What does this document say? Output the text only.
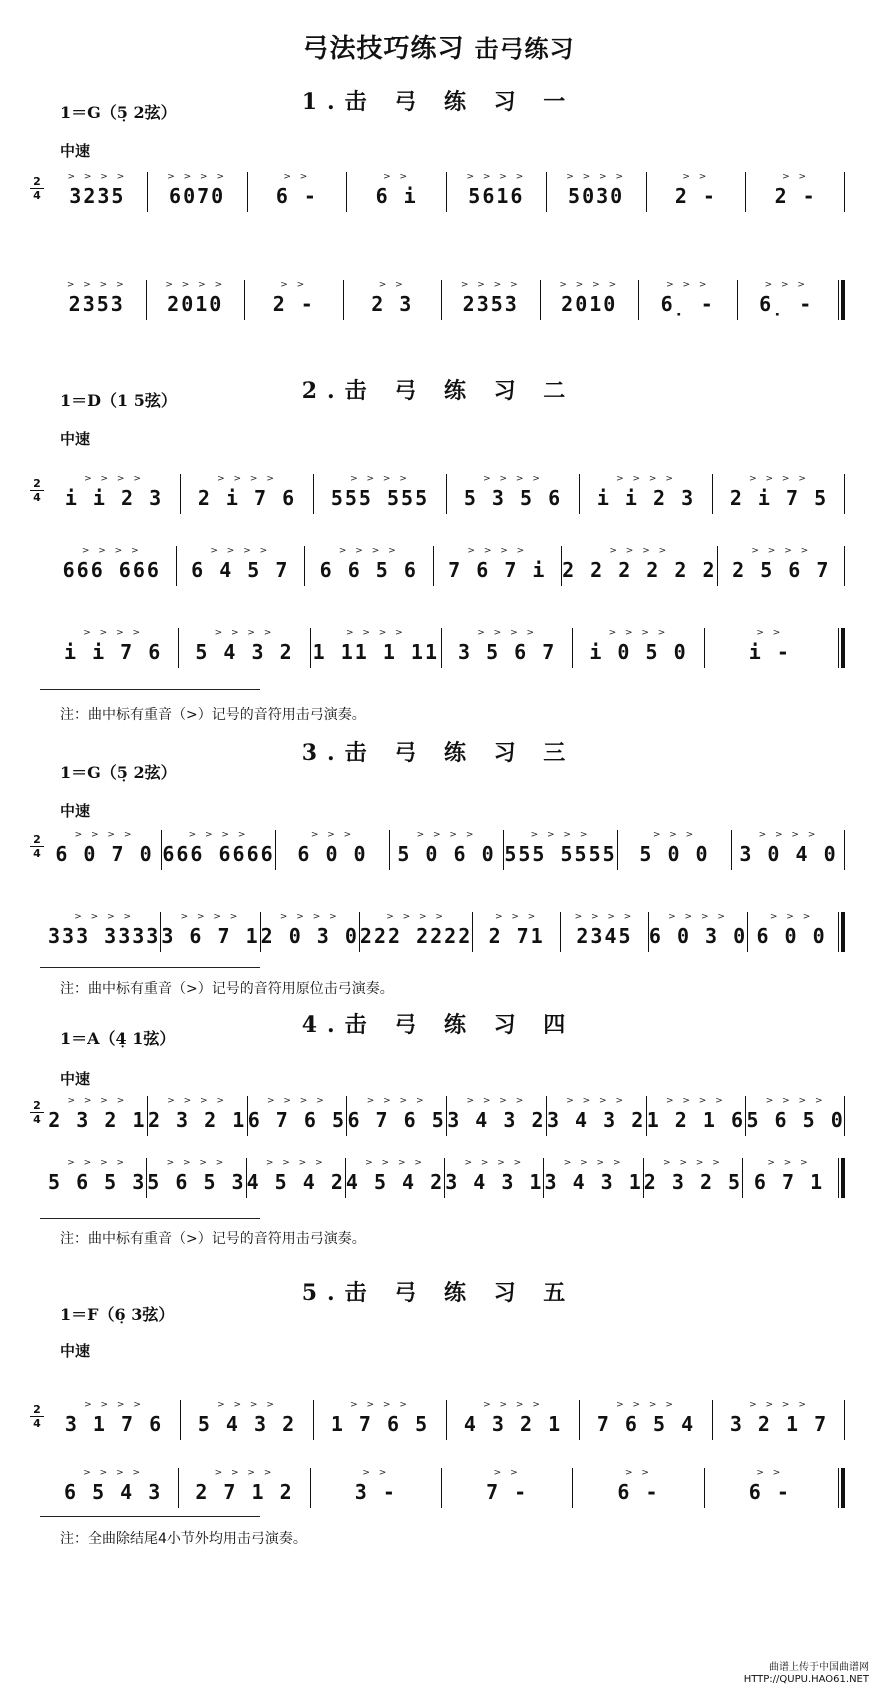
弓法技巧练习 击弓练习
1.击 弓 练 习 一
1＝G（5̣ 2弦）
中速
2
4
> > > >
3235
> > > >
6070
> >
6 -
> >
6 i
> > > >
5616
> > > >
5030
> >
2 -
> >
2 -
> > > >
2353
> > > >
2010
> >
2 -
> >
2 3
> > > >
2353
> > > >
2010
> > >
6̣ -
> > >
6̣ -
2.击 弓 练 习 二
1＝D（1 5弦）
中速
2
4
> > > >
i i 2 3
> > > >
2 i 7 6
> > > >
555 555
> > > >
5 3 5 6
> > > >
i i 2 3
> > > >
2 i 7 5
> > > >
666 666
> > > >
6 4 5 7
> > > >
6 6 5 6
> > > >
7 6 7 i
> > > >
2 2 2 2 2 2
> > > >
2 5 6 7
> > > >
i i 7 6
> > > >
5 4 3 2
> > > >
1 11 1 11
> > > >
3 5 6 7
> > > >
i 0 5 0
> >
i -
注：曲中标有重音（>）记号的音符用击弓演奏。
3.击 弓 练 习 三
1＝G（5̣ 2弦）
中速
2
4
> > > >
6 0 7 0
> > > >
666 6666
> > >
6 0 0
> > > >
5 0 6 0
> > > >
555 5555
> > >
5 0 0
> > > >
3 0 4 0
> > > >
333 3333
> > > >
3 6 7 1
> > > >
2 0 3 0
> > > >
222 2222
> > >
2 71
> > > >
2345
> > > >
6 0 3 0
> > >
6 0 0
注：曲中标有重音（>）记号的音符用原位击弓演奏。
4.击 弓 练 习 四
1＝A（4̣ 1弦）
中速
2
4
> > > >
2 3 2 1
> > > >
2 3 2 1
> > > >
6 7 6 5
> > > >
6 7 6 5
> > > >
3 4 3 2
> > > >
3 4 3 2
> > > >
1 2 1 6
> > > >
5 6 5 0
> > > >
5 6 5 3
> > > >
5 6 5 3
> > > >
4 5 4 2
> > > >
4 5 4 2
> > > >
3 4 3 1
> > > >
3 4 3 1
> > > >
2 3 2 5
> > >
6 7 1
注：曲中标有重音（>）记号的音符用击弓演奏。
5.击 弓 练 习 五
1＝F（6̣ 3弦）
中速
2
4
> > > >
3 1 7 6
> > > >
5 4 3 2
> > > >
1 7 6 5
> > > >
4 3 2 1
> > > >
7 6 5 4
> > > >
3 2 1 7
> > > >
6 5 4 3
> > > >
2 7 1 2
> >
3 -
> >
7 -
> >
6 -
> >
6 -
注：全曲除结尾4小节外均用击弓演奏。
曲谱上传于中国曲谱网
HTTP://QUPU.HAO61.NET
